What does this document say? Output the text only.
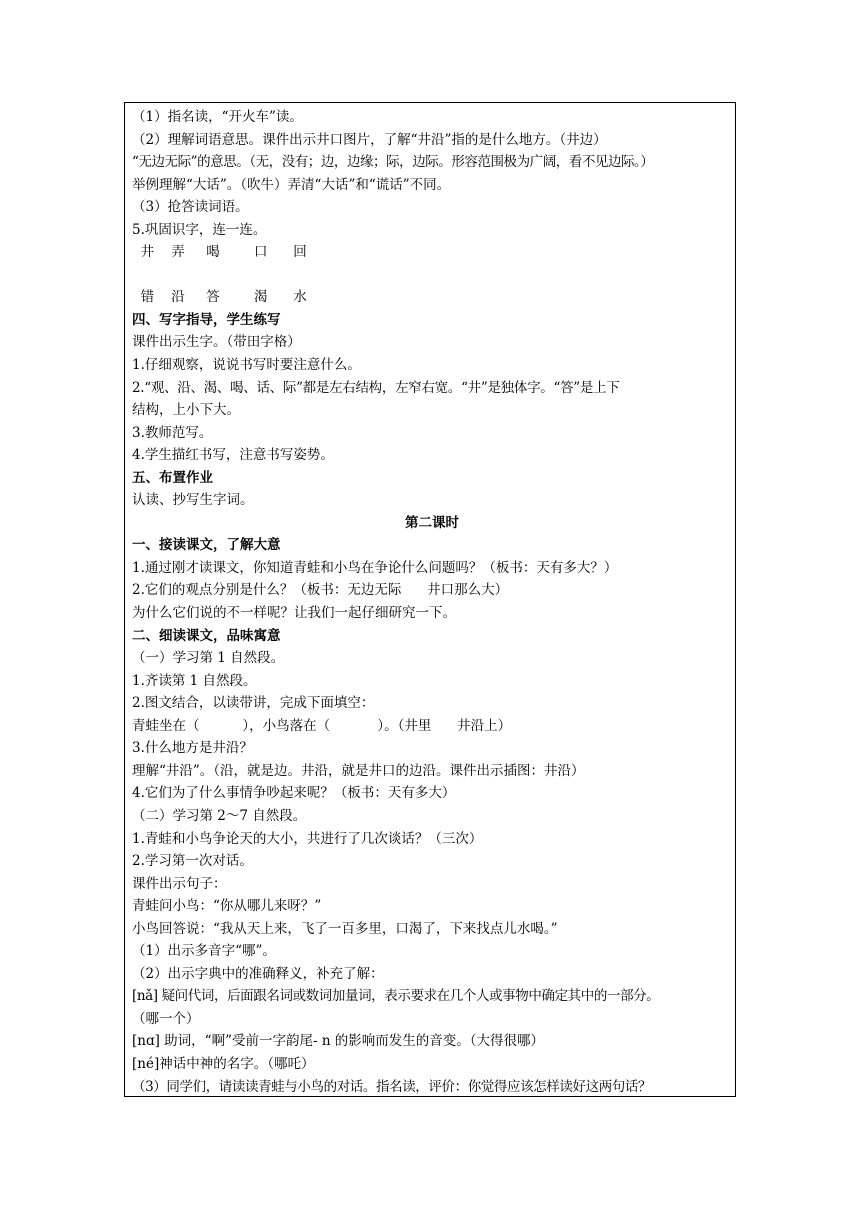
（1）指名读，“开火车”读。
（2）理解词语意思。课件出示井口图片，了解“井沿”指的是什么地方。（井边）
“无边无际”的意思。（无，没有；边，边缘；际，边际。形容范围极为广阔，看不见边际。）
举例理解“大话”。（吹牛）弄清“大话”和“谎话”不同。
（3）抢答读词语。
5.巩固识字，连一连。
井    弄     喝        口      回
错    沿     答        渴      水
四、写字指导，学生练写
课件出示生字。（带田字格）
1.仔细观察，说说书写时要注意什么。
2.“观、沿、渴、喝、话、际”都是左右结构，左窄右宽。“井”是独体字。“答”是上下
结构，上小下大。
3.教师范写。
4.学生描红书写，注意书写姿势。
五、布置作业
认读、抄写生字词。
第二课时
一、接读课文，了解大意
1.通过刚才读课文，你知道青蛙和小鸟在争论什么问题吗？（板书：天有多大？）
2.它们的观点分别是什么？（板书：无边无际      井口那么大）
为什么它们说的不一样呢？让我们一起仔细研究一下。
二、细读课文，品味寓意
（一）学习第 1 自然段。
1.齐读第 1 自然段。
2.图文结合，以读带讲，完成下面填空：
青蛙坐在（          ），小鸟落在（           ）。（井里      井沿上）
3.什么地方是井沿？
理解“井沿”。（沿，就是边。井沿，就是井口的边沿。课件出示插图：井沿）
4.它们为了什么事情争吵起来呢？（板书：天有多大）
（二）学习第 2～7 自然段。
1.青蛙和小鸟争论天的大小，共进行了几次谈话？（三次）
2.学习第一次对话。
课件出示句子：
青蛙问小鸟：“你从哪儿来呀？”
小鸟回答说：“我从天上来，飞了一百多里，口渴了，下来找点儿水喝。”
（1）出示多音字“哪”。
（2）出示字典中的准确释义，补充了解：
[nǎ] 疑问代词，后面跟名词或数词加量词，表示要求在几个人或事物中确定其中的一部分。
（哪一个）
[nɑ] 助词，“啊”受前一字韵尾- n 的影响而发生的音变。（大得很哪）
[né]神话中神的名字。（哪吒）
（3）同学们，请读读青蛙与小鸟的对话。指名读，评价：你觉得应该怎样读好这两句话？
